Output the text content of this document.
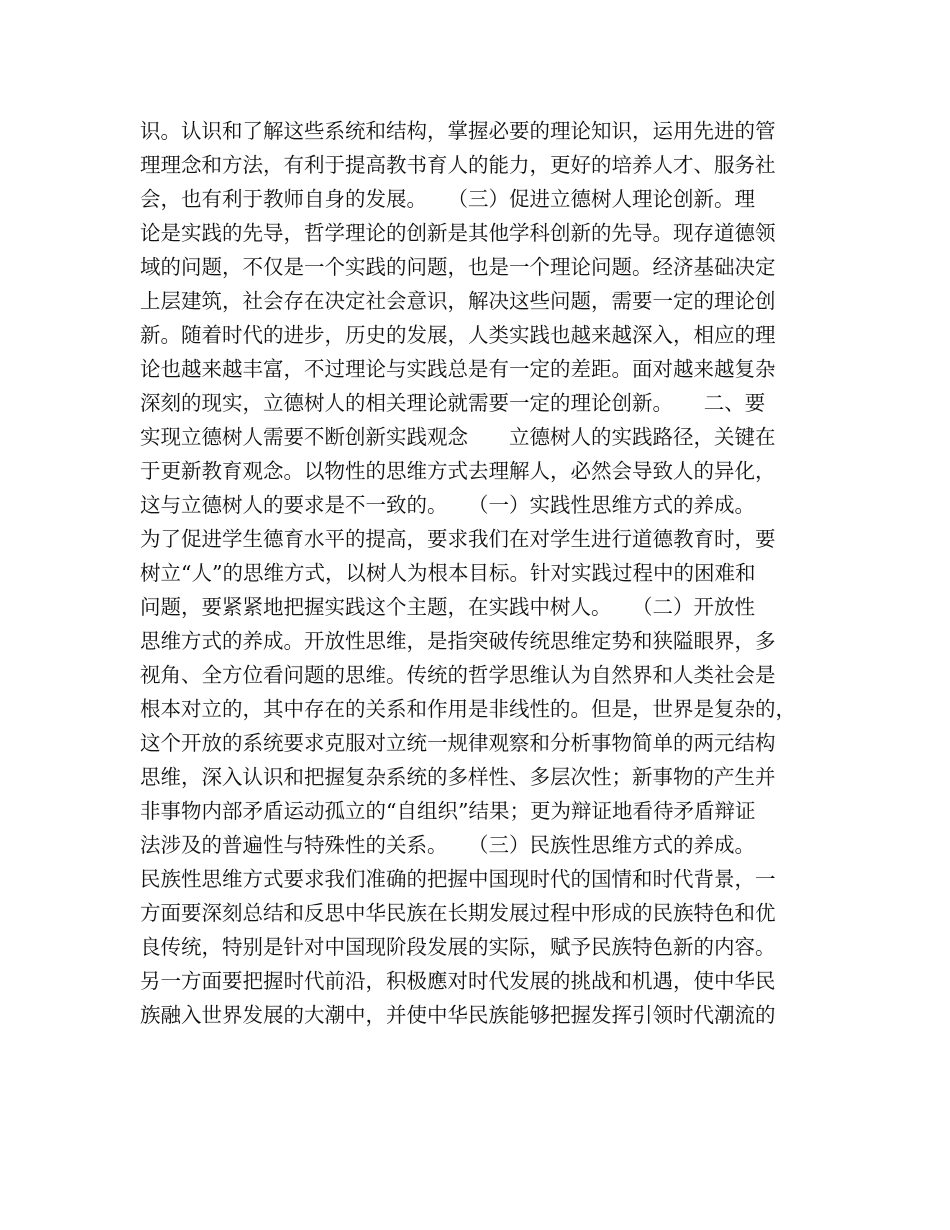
识。认识和了解这些系统和结构，掌握必要的理论知识，运用先进的管
理理念和方法，有利于提高教书育人的能力，更好的培养人才、服务社
会，也有利于教师自身的发展。　　（三）促进立德树人理论创新。理
论是实践的先导，哲学理论的创新是其他学科创新的先导。现存道德领
域的问题，不仅是一个实践的问题，也是一个理论问题。经济基础决定
上层建筑，社会存在决定社会意识，解决这些问题，需要一定的理论创
新。随着时代的进步，历史的发展，人类实践也越来越深入，相应的理
论也越来越丰富，不过理论与实践总是有一定的差距。面对越来越复杂
深刻的现实，立德树人的相关理论就需要一定的理论创新。　　二、要
实现立德树人需要不断创新实践观念　　立德树人的实践路径，关键在
于更新教育观念。以物性的思维方式去理解人，必然会导致人的异化，
这与立德树人的要求是不一致的。　　（一）实践性思维方式的养成。
为了促进学生德育水平的提高，要求我们在对学生进行道德教育时，要
树立“人”的思维方式，以树人为根本目标。针对实践过程中的困难和
问题，要紧紧地把握实践这个主题，在实践中树人。　　（二）开放性
思维方式的养成。开放性思维，是指突破传统思维定势和狭隘眼界，多
视角、全方位看问题的思维。传统的哲学思维认为自然界和人类社会是
根本对立的，其中存在的关系和作用是非线性的。但是，世界是复杂的，
这个开放的系统要求克服对立统一规律观察和分析事物简单的两元结构
思维，深入认识和把握复杂系统的多样性、多层次性；新事物的产生并
非事物内部矛盾运动孤立的“自组织”结果；更为辩证地看待矛盾辩证
法涉及的普遍性与特殊性的关系。　　（三）民族性思维方式的养成。
民族性思维方式要求我们准确的把握中国现时代的国情和时代背景，一
方面要深刻总结和反思中华民族在长期发展过程中形成的民族特色和优
良传统，特别是针对中国现阶段发展的实际，赋予民族特色新的内容。
另一方面要把握时代前沿，积极應对时代发展的挑战和机遇，使中华民
族融入世界发展的大潮中，并使中华民族能够把握发挥引领时代潮流的
